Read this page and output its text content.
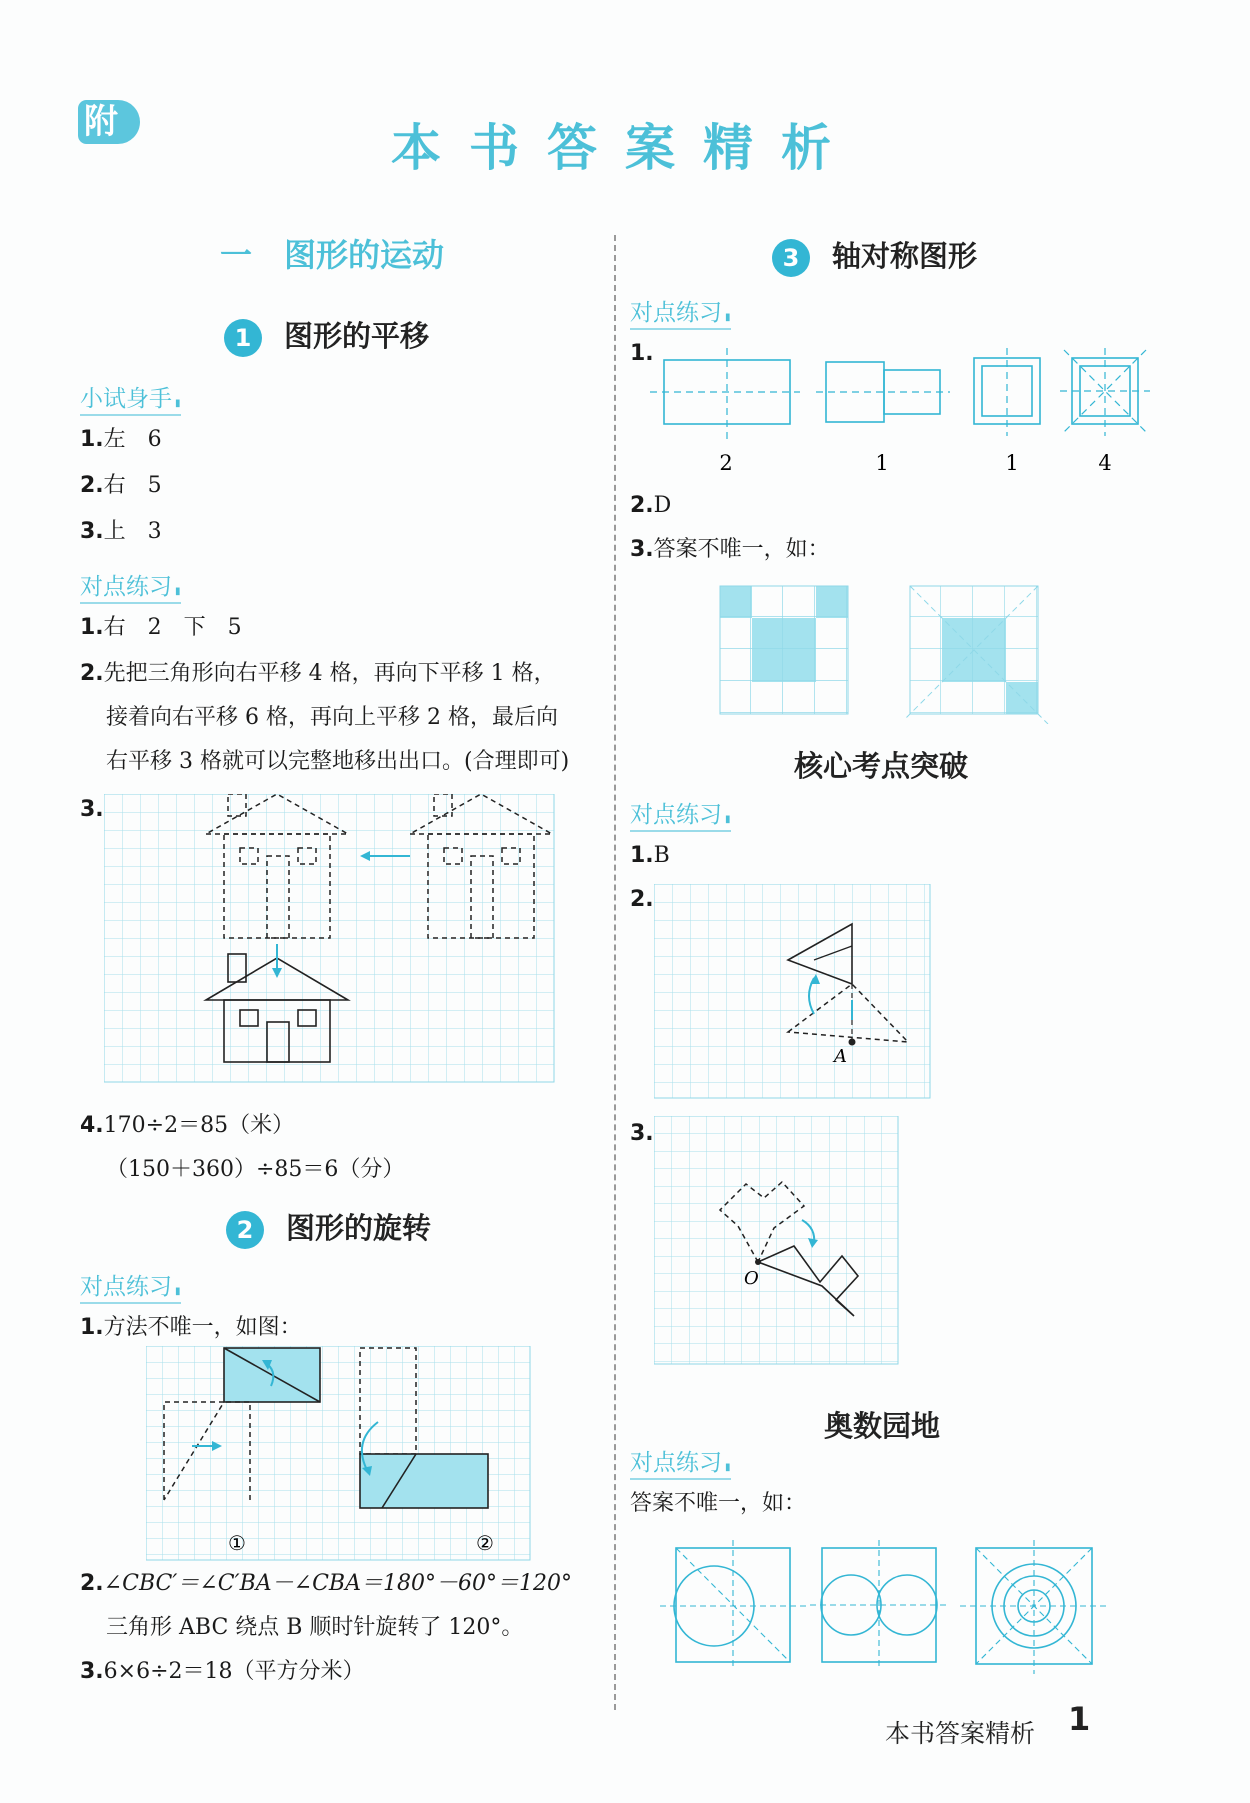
附	本书答案精析
一　图形的运动
1 图形的平移
小试身手 ▮
1.左　6
2.右　5
3.上　3
对点练习 ▮
1.右　2　下　5
2.先把三角形向右平移 4 格，再向下平移 1 格，
接着向右平移 6 格，再向上平移 2 格，最后向
右平移 3 格就可以完整地移出出口。(合理即可)
3.
4.170÷2＝85（米）
（150＋360）÷85＝6（分）
2 图形的旋转
对点练习 ▮
1.方法不唯一，如图：
①	②
2.∠CBC′＝∠C′BA－∠CBA＝180°－60°＝120°
三角形 ABC 绕点 B 顺时针旋转了 120°。
3.6×6÷2＝18（平方分米）
3 轴对称图形
对点练习 ▮
1.
2	1	1	4
2.D
3.答案不唯一，如：
核心考点突破
对点练习 ▮
1.B
2.
A
3.
O
奥数园地
对点练习 ▮
答案不唯一，如：
本书答案精析 1
